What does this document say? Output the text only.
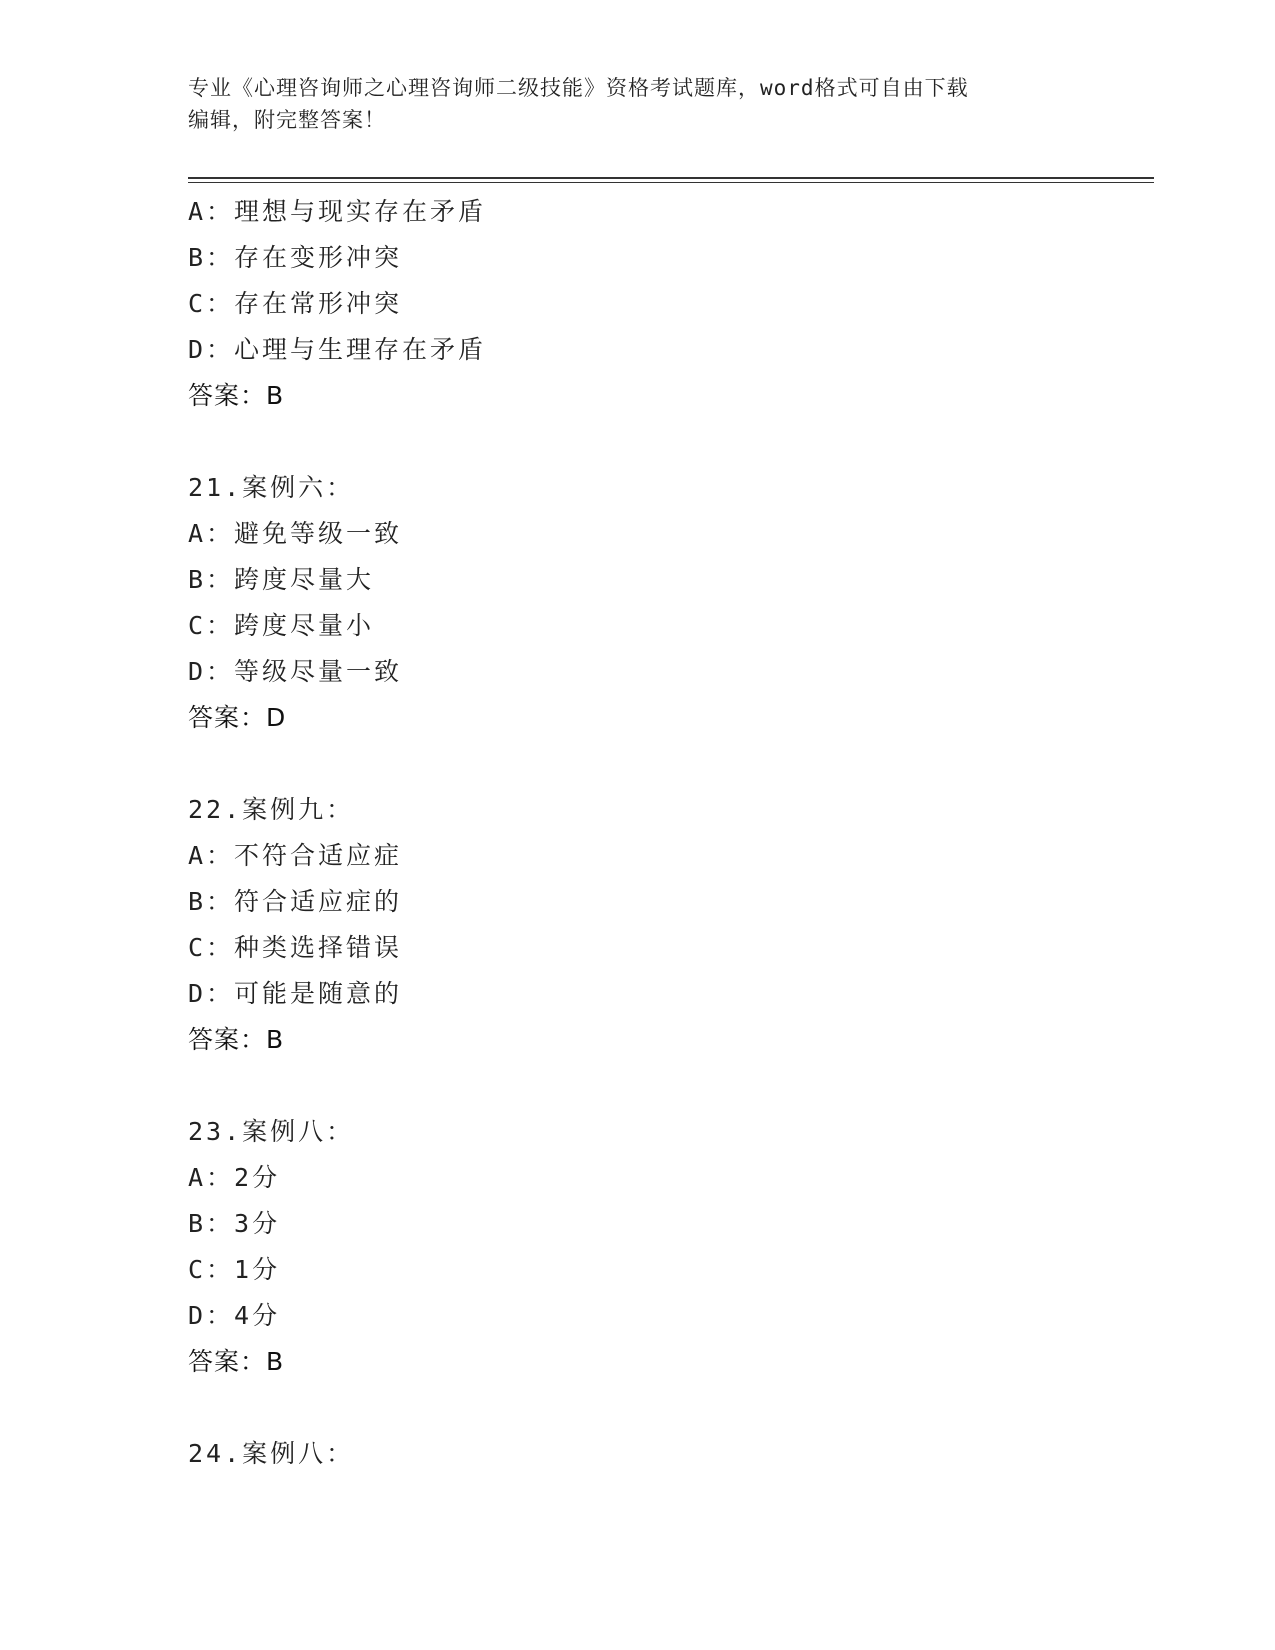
专业《心理咨询师之心理咨询师二级技能》资格考试题库，word格式可自由下载
编辑，附完整答案！
A：理想与现实存在矛盾
B：存在变形冲突
C：存在常形冲突
D：心理与生理存在矛盾
答案：B
21.案例六：
A：避免等级一致
B：跨度尽量大
C：跨度尽量小
D：等级尽量一致
答案：D
22.案例九：
A：不符合适应症
B：符合适应症的
C：种类选择错误
D：可能是随意的
答案：B
23.案例八：
A：2分
B：3分
C：1分
D：4分
答案：B
24.案例八：
